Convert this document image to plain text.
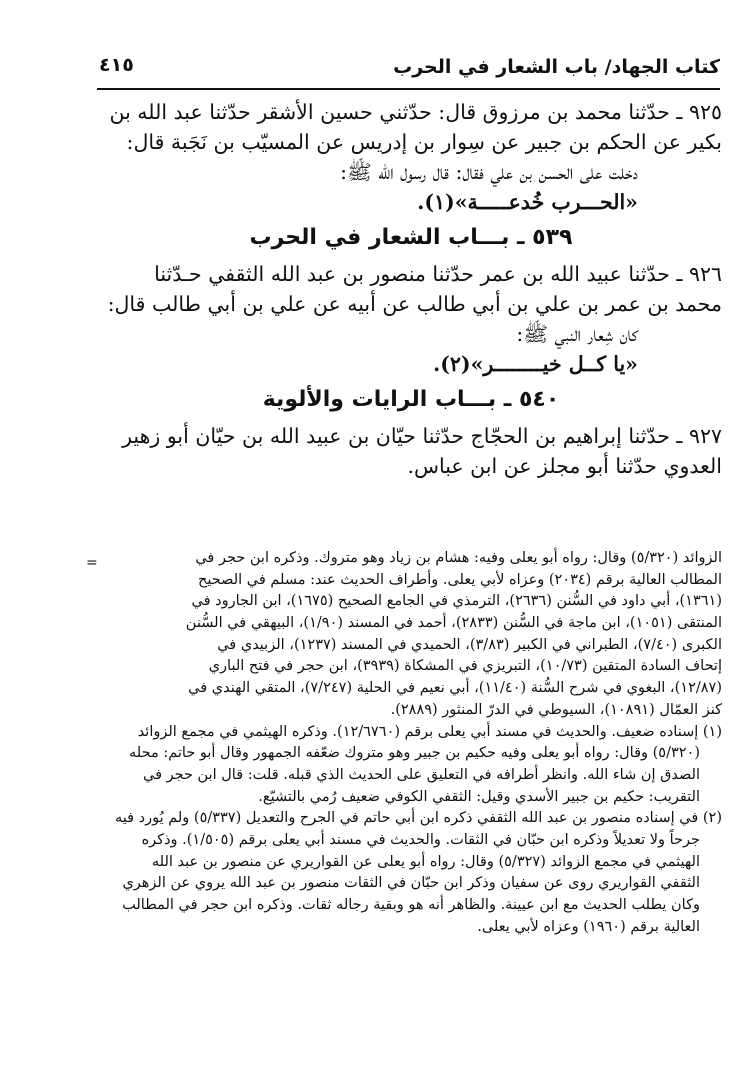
كتاب الجهاد/ باب الشعار في الحرب
٤١٥
٩٢٥ ـ حدّثنا محمد بن مرزوق قال: حدّثني حسين الأشقر حدّثنا عبد الله بن
بكير عن الحكم بن جبير عن سِوار بن إدريس عن المسيّب بن نَجَبة قال:
دخلت على الحسن بن علي فقال: قال رسول الله ﷺ:
«الحـــرب خُدعـــــة»(١).
٥٣٩ ـ بـــاب الشعار في الحرب
٩٢٦ ـ حدّثنا عبيد الله بن عمر حدّثنا منصور بن عبد الله الثقفي حـدّثنا
محمد بن عمر بن علي بن أبي طالب عن أبيه عن علي بن أبي طالب قال:
كان شِعار النبي ﷺ:
«يا كــل خيــــــــر»(٢).
٥٤٠ ـ بـــاب الرايات والألوية
٩٢٧ ـ حدّثنا إبراهيم بن الحجّاج حدّثنا حيّان بن عبيد الله بن حيّان أبو زهير
العدوي حدّثنا أبو مجلز عن ابن عباس.
=	الزوائد (٥/٣٢٠) وقال: رواه أبو يعلى وفيه: هشام بن زياد وهو متروك. وذكره ابن حجر في
المطالب العالية برقم (٢٠٣٤) وعزاه لأبي يعلى. وأطراف الحديث عند: مسلم في الصحيح
(١٣٦١)، أبي داود في السُّنن (٢٦٣٦)، الترمذي في الجامع الصحيح (١٦٧٥)، ابن الجارود في
المنتقى (١٠٥١)، ابن ماجة في السُّنن (٢٨٣٣)، أحمد في المسند (١/٩٠)، البيهقي في السُّنن
الكبرى (٧/٤٠)، الطبراني في الكبير (٣/٨٣)، الحميدي في المسند (١٢٣٧)، الزبيدي في
إتحاف السادة المتقين (١٠/٧٣)، التبريزي في المشكاة (٣٩٣٩)، ابن حجر في فتح الباري
(١٢/٨٧)، البغوي في شرح السُّنة (١١/٤٠)، أبي نعيم في الحلية (٧/٢٤٧)، المتقي الهندي في
كنز العمّال (١٠٨٩١)، السيوطي في الدرّ المنثور (٢٨٨٩).
(١) إسناده ضعيف. والحديث في مسند أبي يعلى برقم (١٢/٦٧٦٠). وذكره الهيثمي في مجمع الزوائد
(٥/٣٢٠) وقال: رواه أبو يعلى وفيه حكيم بن جبير وهو متروك ضعّفه الجمهور وقال أبو حاتم: محله
الصدق إن شاء الله. وانظر أطرافه في التعليق على الحديث الذي قبله. قلت: قال ابن حجر في
التقريب: حكيم بن جبير الأسدي وقيل: الثقفي الكوفي ضعيف رُمي بالتشيّع.
(٢) في إسناده منصور بن عبد الله الثقفي ذكره ابن أبي حاتم في الجرح والتعديل (٥/٣٣٧) ولم يُورد فيه
جرحاً ولا تعديلاً وذكره ابن حبّان في الثقات. والحديث في مسند أبي يعلى برقم (١/٥٠٥). وذكره
الهيثمي في مجمع الزوائد (٥/٣٢٧) وقال: رواه أبو يعلى عن القواريري عن منصور بن عبد الله
الثقفي القواريري روى عن سفيان وذكر ابن حبّان في الثقات منصور بن عبد الله يروي عن الزهري
وكان يطلب الحديث مع ابن عيينة. والظاهر أنه هو وبقية رجاله ثقات. وذكره ابن حجر في المطالب
العالية برقم (١٩٦٠) وعزاه لأبي يعلى.
